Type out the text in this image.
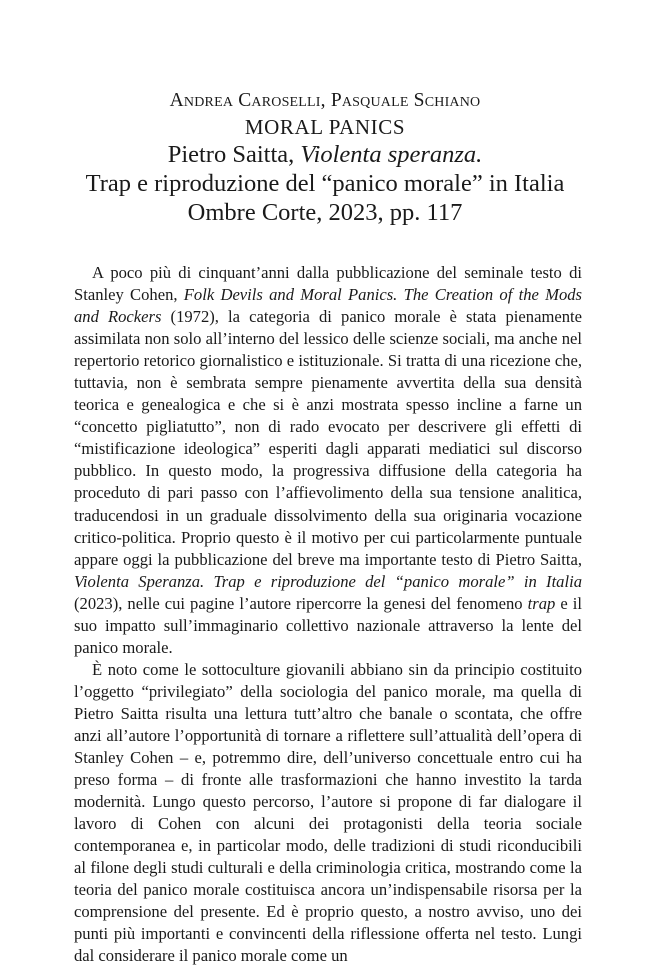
Andrea Caroselli, Pasquale Schiano
MORAL PANICS
Pietro Saitta, Violenta speranza.
Trap e riproduzione del “panico morale” in Italia
Ombre Corte, 2023, pp. 117

A poco più di cinquant’anni dalla pubblicazione del seminale testo di Stanley Cohen, Folk Devils and Moral Panics. The Creation of the Mods and Rockers (1972), la categoria di panico morale è stata pienamente assimilata non solo all’interno del lessico delle scienze sociali, ma anche nel repertorio retorico giornalistico e istituzionale. Si tratta di una ricezione che, tuttavia, non è sembrata sempre pienamente avvertita della sua densità teorica e genealogica e che si è anzi mostrata spesso incline a farne un “concetto pigliatutto”, non di rado evocato per descrivere gli effetti di “mistificazione ideologica” esperiti dagli apparati mediatici sul discorso pubblico. In questo modo, la progressiva diffusione della categoria ha proceduto di pari passo con l’affievolimento della sua tensione analitica, traducendosi in un graduale dissolvimento della sua originaria vocazione critico-politica. Proprio questo è il motivo per cui particolarmente puntuale appare oggi la pubblicazione del breve ma importante testo di Pietro Saitta, Violenta Speranza. Trap e riproduzione del “panico morale” in Italia (2023), nelle cui pagine l’autore ripercorre la genesi del fenomeno trap e il suo impatto sull’immaginario collettivo nazionale attraverso la lente del panico morale.

È noto come le sottoculture giovanili abbiano sin da principio costituito l’oggetto “privilegiato” della sociologia del panico morale, ma quella di Pietro Saitta risulta una lettura tutt’altro che banale o scontata, che offre anzi all’autore l’opportunità di tornare a riflettere sull’attualità dell’opera di Stanley Cohen – e, potremmo dire, dell’universo concettuale entro cui ha preso forma – di fronte alle trasformazioni che hanno investito la tarda modernità. Lungo questo percorso, l’autore si propone di far dialogare il lavoro di Cohen con alcuni dei protagonisti della teoria sociale contemporanea e, in particolar modo, delle tradizioni di studi riconducibili al filone degli studi culturali e della criminologia critica, mostrando come la teoria del panico morale costituisca ancora un’indispensabile risorsa per la comprensione del presente. Ed è proprio questo, a nostro avviso, uno dei punti più importanti e convincenti della riflessione offerta nel testo. Lungi dal considerare il panico morale come un
